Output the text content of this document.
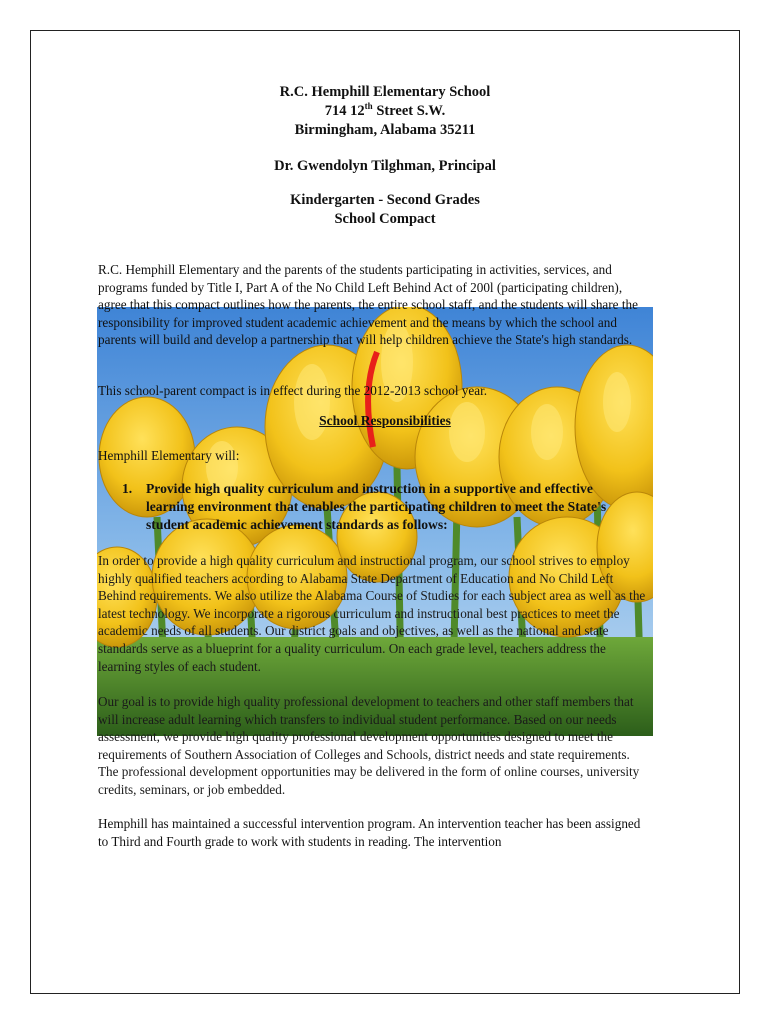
R.C. Hemphill Elementary School
714 12th Street S.W.
Birmingham, Alabama 35211
Dr. Gwendolyn Tilghman, Principal
Kindergarten - Second Grades
School Compact
R.C. Hemphill Elementary and the parents of the students participating in activities, services, and programs funded by Title I, Part A of the No Child Left Behind Act of 200l (participating children), agree that this compact outlines how the parents, the entire school staff, and the students will share the responsibility for improved student academic achievement and the means by which the school and parents will build and develop a partnership that will help children achieve the State's high standards.
This school-parent compact is in effect during the 2012-2013 school year.
School Responsibilities
Hemphill Elementary will:
1. Provide high quality curriculum and instruction in a supportive and effective learning environment that enables the participating children to meet the State's student academic achievement standards as follows:
In order to provide a high quality curriculum and instructional program, our school strives to employ highly qualified teachers according to Alabama State Department of Education and No Child Left Behind requirements. We also utilize the Alabama Course of Studies for each subject area as well as the latest technology. We incorporate a rigorous curriculum and instructional best practices to meet the academic needs of all students. Our district goals and objectives, as well as the national and state standards serve as a blueprint for a quality curriculum. On each grade level, teachers address the learning styles of each student.
Our goal is to provide high quality professional development to teachers and other staff members that will increase adult learning which transfers to individual student performance. Based on our needs assessment, we provide high quality professional development opportunities designed to meet the requirements of Southern Association of Colleges and Schools, district needs and state requirements. The professional development opportunities may be delivered in the form of online courses, university credits, seminars, or job embedded.
Hemphill has maintained a successful intervention program. An intervention teacher has been assigned to Third and Fourth grade to work with students in reading. The intervention
